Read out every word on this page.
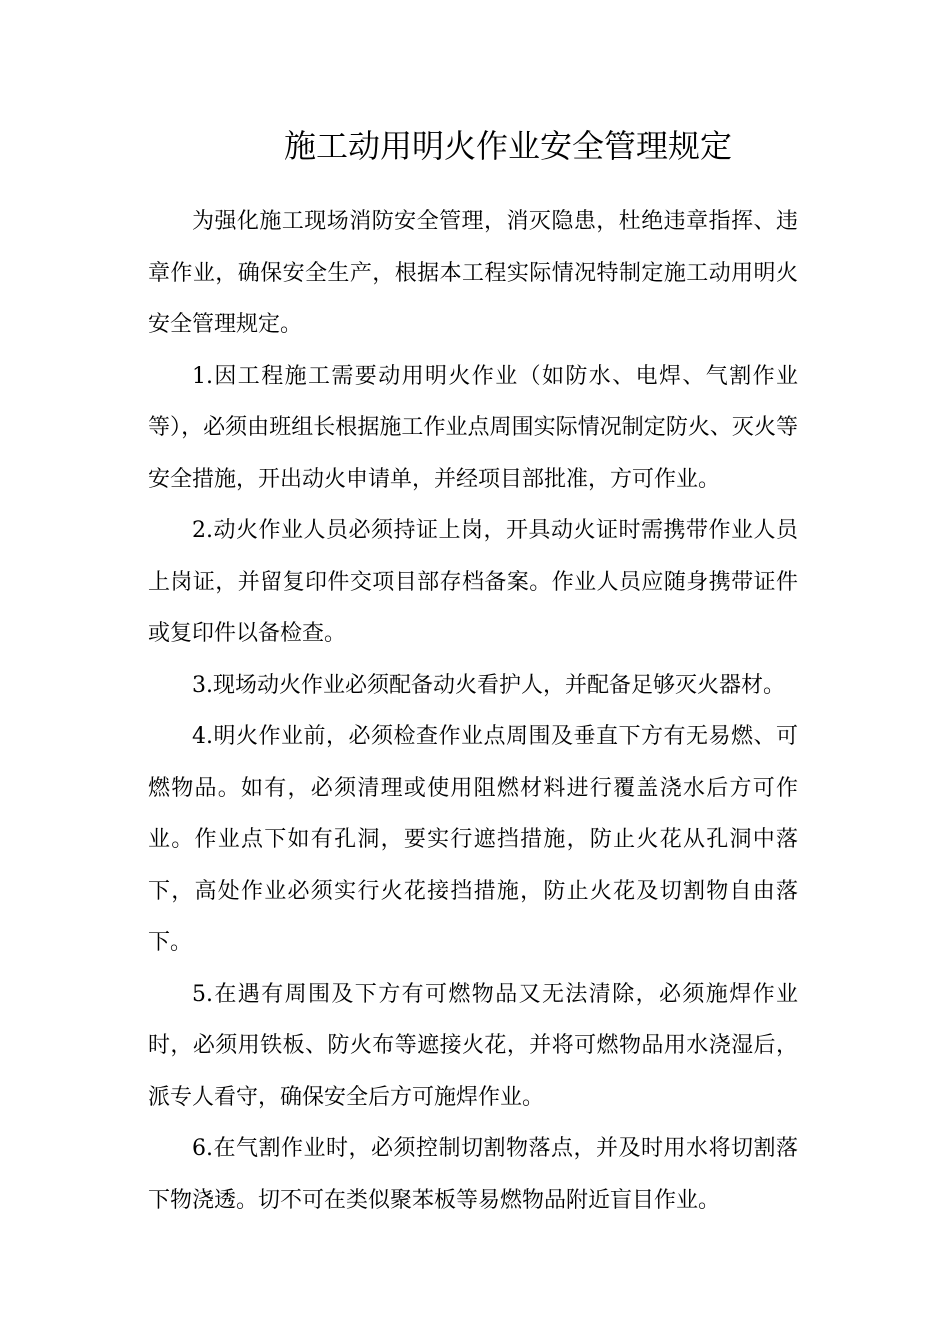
施工动用明火作业安全管理规定

为强化施工现场消防安全管理，消灭隐患，杜绝违章指挥、违章作业，确保安全生产，根据本工程实际情况特制定施工动用明火安全管理规定。

1.因工程施工需要动用明火作业（如防水、电焊、气割作业等），必须由班组长根据施工作业点周围实际情况制定防火、灭火等安全措施，开出动火申请单，并经项目部批准，方可作业。

2.动火作业人员必须持证上岗，开具动火证时需携带作业人员上岗证，并留复印件交项目部存档备案。作业人员应随身携带证件或复印件以备检查。

3.现场动火作业必须配备动火看护人，并配备足够灭火器材。

4.明火作业前，必须检查作业点周围及垂直下方有无易燃、可燃物品。如有，必须清理或使用阻燃材料进行覆盖浇水后方可作业。作业点下如有孔洞，要实行遮挡措施，防止火花从孔洞中落下，高处作业必须实行火花接挡措施，防止火花及切割物自由落下。

5.在遇有周围及下方有可燃物品又无法清除，必须施焊作业时，必须用铁板、防火布等遮接火花，并将可燃物品用水浇湿后，派专人看守，确保安全后方可施焊作业。

6.在气割作业时，必须控制切割物落点，并及时用水将切割落下物浇透。切不可在类似聚苯板等易燃物品附近盲目作业。
